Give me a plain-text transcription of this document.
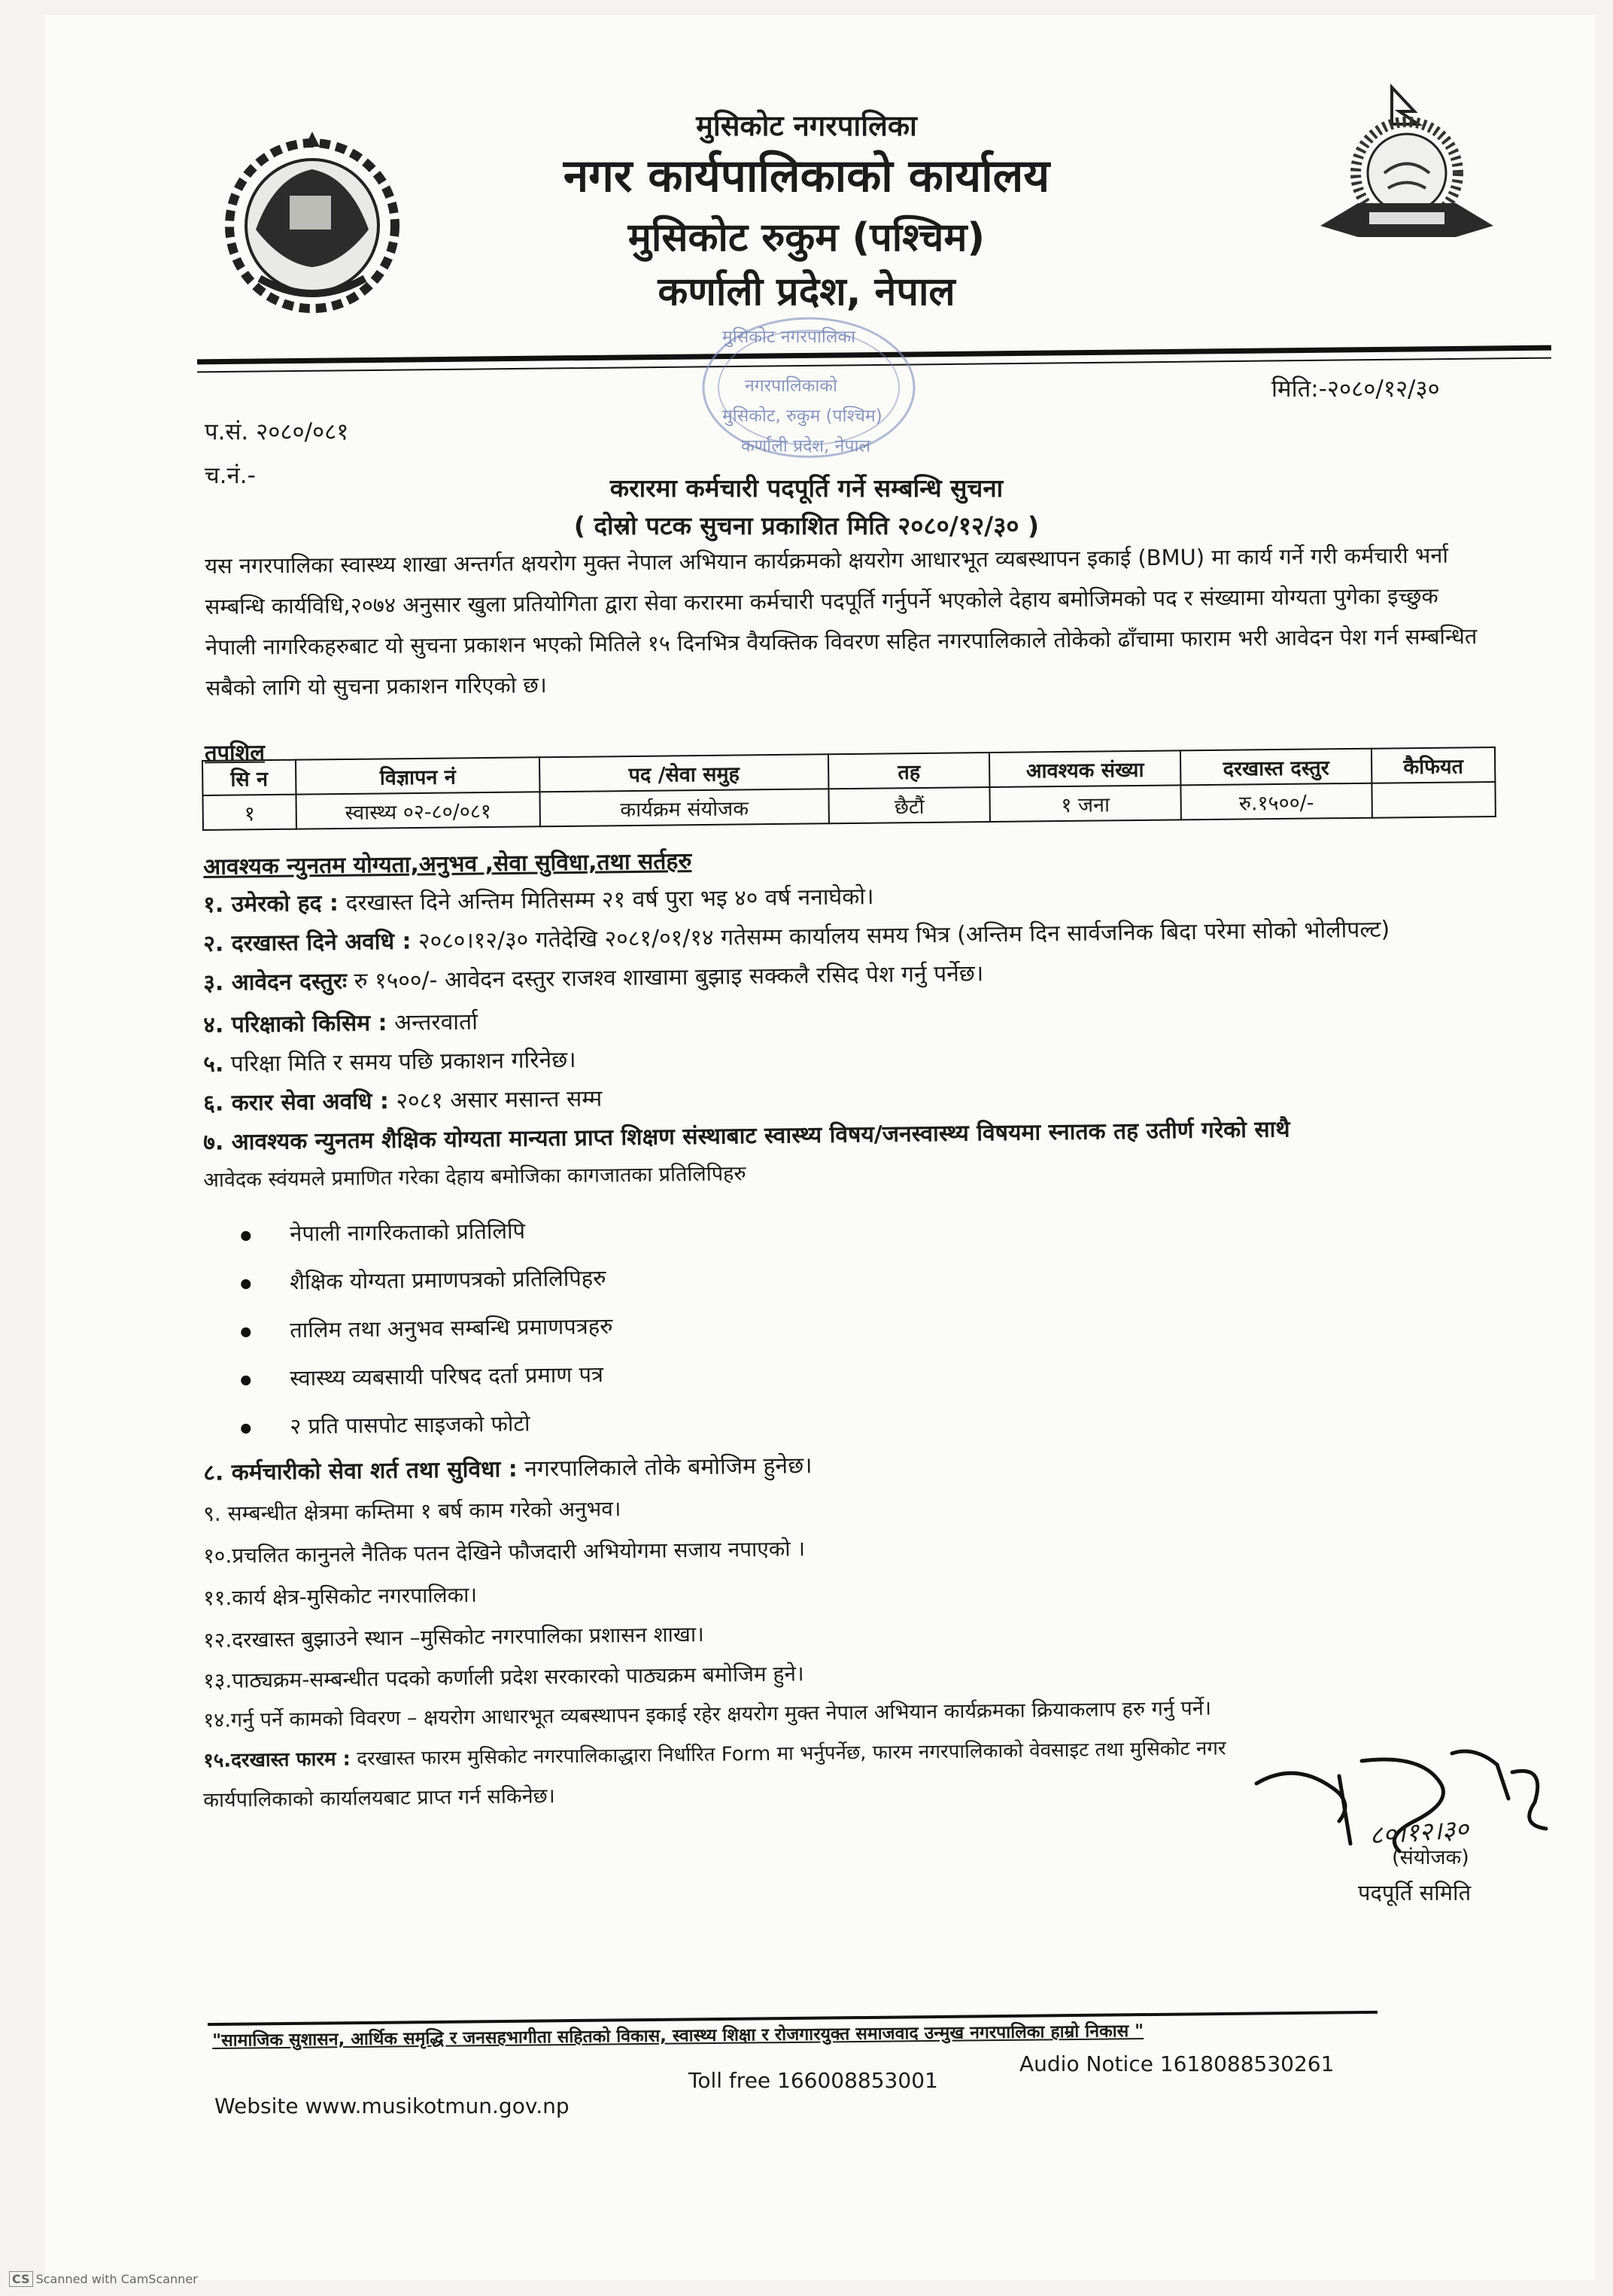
मुसिकोट नगरपालिका
नगर कार्यपालिकाको कार्यालय
मुसिकोट रुकुम (पश्चिम)
कर्णाली प्रदेश, नेपाल
मुसिकोट नगरपालिका
नगरपालिकाको
मुसिकोट, रुकुम (पश्चिम)
कर्णाली प्रदेश, नेपाल
प.सं. २०८०/०८१
च.नं.-
मिति:-२०८०/१२/३०
करारमा कर्मचारी पदपूर्ति गर्ने सम्बन्धि सुचना
( दोस्रो पटक सुचना प्रकाशित मिति २०८०/१२/३० )
यस नगरपालिका स्वास्थ्य शाखा अन्तर्गत क्षयरोग मुक्त नेपाल अभियान कार्यक्रमको क्षयरोग आधारभूत व्यबस्थापन इकाई (BMU) मा कार्य गर्ने गरी कर्मचारी भर्ना सम्बन्धि कार्यविधि,२०७४ अनुसार खुला प्रतियोगिता द्वारा सेवा करारमा कर्मचारी पदपूर्ति गर्नुपर्ने भएकोले देहाय बमोजिमको पद र संख्यामा योग्यता पुगेका इच्छुक नेपाली नागरिकहरुबाट यो सुचना प्रकाशन भएको मितिले १५ दिनभित्र वैयक्तिक विवरण सहित नगरपालिकाले तोकेको ढाँचामा फाराम भरी आवेदन पेश गर्न सम्बन्धित सबैको लागि यो सुचना प्रकाशन गरिएको छ।
तपशिल
सि न	विज्ञापन नं	पद /सेवा समुह	तह	आवश्यक संख्या	दरखास्त दस्तुर	कैफियत
१	स्वास्थ्य ०२-८०/०८१	कार्यक्रम संयोजक	छैटौं	१ जना	रु.१५००/-	
आवश्यक न्युनतम योग्यता,अनुभव ,सेवा सुविधा,तथा सर्तहरु
१. उमेरको हद : दरखास्त दिने अन्तिम मितिसम्म २१ वर्ष पुरा भइ ४० वर्ष ननाघेको।
२. दरखास्त दिने अवधि : २०८०।१२/३० गतेदेखि २०८१/०१/१४ गतेसम्म कार्यालय समय भित्र (अन्तिम दिन सार्वजनिक बिदा परेमा सोको भोलीपल्ट)
३. आवेदन दस्तुरः रु १५००/- आवेदन दस्तुर राजश्व शाखामा बुझाइ सक्कलै रसिद पेश गर्नु पर्नेछ।
४. परिक्षाको किसिम : अन्तरवार्ता
५. परिक्षा मिति र समय पछि प्रकाशन गरिनेछ।
६. करार सेवा अवधि : २०८१ असार मसान्त सम्म
७. आवश्यक न्युनतम शैक्षिक योग्यता मान्यता प्राप्त शिक्षण संस्थाबाट स्वास्थ्य विषय/जनस्वास्थ्य विषयमा स्नातक तह उतीर्ण गरेको साथै
आवेदक स्वंयमले प्रमाणित गरेका देहाय बमोजिका कागजातका प्रतिलिपिहरु
नेपाली नागरिकताको प्रतिलिपि
शैक्षिक योग्यता प्रमाणपत्रको प्रतिलिपिहरु
तालिम तथा अनुभव सम्बन्धि प्रमाणपत्रहरु
स्वास्थ्य व्यबसायी परिषद दर्ता प्रमाण पत्र
२ प्रति पासपोट साइजको फोटो
८. कर्मचारीको सेवा शर्त तथा सुविधा : नगरपालिकाले तोके बमोजिम हुनेछ।
९. सम्बन्धीत क्षेत्रमा कम्तिमा १ बर्ष काम गरेको अनुभव।
१०.प्रचलित कानुनले नैतिक पतन देखिने फौजदारी अभियोगमा सजाय नपाएको ।
११.कार्य क्षेत्र-मुसिकोट नगरपालिका।
१२.दरखास्त बुझाउने स्थान –मुसिकोट नगरपालिका प्रशासन शाखा।
१३.पाठ्यक्रम-सम्बन्धीत पदको कर्णाली प्रदेश सरकारको पाठ्यक्रम बमोजिम हुने।
१४.गर्नु पर्ने कामको विवरण – क्षयरोग आधारभूत व्यबस्थापन इकाई रहेर क्षयरोग मुक्त नेपाल अभियान कार्यक्रमका क्रियाकलाप हरु गर्नु पर्ने।
१५.दरखास्त फारम : दरखास्त फारम मुसिकोट नगरपालिकाद्धारा निर्धारित Form मा भर्नुपर्नेछ, फारम नगरपालिकाको वेवसाइट तथा मुसिकोट नगर
कार्यपालिकाको कार्यालयबाट प्राप्त गर्न सकिनेछ।
८०।१२।३०
(संयोजक)
पदपूर्ति समिति
"सामाजिक सुशासन, आर्थिक समृद्धि र जनसहभागीता सहितको विकास, स्वास्थ्य शिक्षा र रोजगारयुक्त समाजवाद उन्मुख नगरपालिका हाम्रो निकास "
Website www.musikotmun.gov.np
Toll free 166008853001
Audio Notice 1618088530261
CS Scanned with CamScanner
